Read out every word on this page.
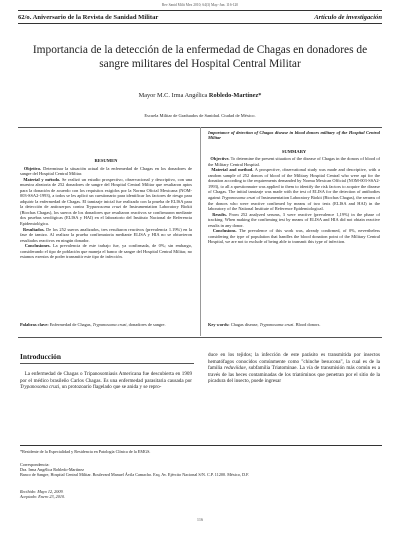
Rev Sanid Milit Mex 2010; 64(3) May.-Jun. 116-120
62/o. Aniversario de la Revista de Sanidad Militar	Artículo de investigación
Importancia de la detección de la enfermedad de Chagas en donadores de sangre militares del Hospital Central Militar
Mayor M.C. Irma Angélica Robledo-Martínez*
Escuela Militar de Graduados de Sanidad. Ciudad de México.
RESUMEN

Objetivo. Determinar la situación actual de la enfermedad de Chagas en los donadores de sangre del Hospital Central Militar.

Material y método. Se realizó un estudio prospectivo, observacional y descriptivo, con una muestra aleatoria de 252 donadores de sangre del Hospital Central Militar que resultaron aptos para la donación de acuerdo con los requisitos exigidos por la Norma Oficial Mexicana (NOM-003-SSA2-1993), a todos se les aplicó un cuestionario para identificar los factores de riesgo para adquirir la enfermedad de Chagas. El tamizaje inicial fue realizado con la prueba de ELISA para la detección de anticuerpos contra Trypanosoma cruzi de Instrumentation Laboratory Biokit (Biochas Chagas), los sueros de los donadores que resultaron reactivos se confirmaron mediante dos pruebas serológicas (ELISA y HAI) en el laboratorio del Instituto Nacional de Referencia Epidemiológica.

Resultados. De los 252 sueros analizados, tres resultaron reactivos (prevalencia 1.19%) en la fase de tamizo. Al realizar la prueba confirmatoria mediante ELISA y HIA no se obtuvieron resultados reactivos en ningún donador.

Conclusiones. La prevalencia de este trabajo fue, ya confirmada, de 0%; sin embargo, considerando el tipo de población que maneja el banco de sangre del Hospital Central Militar, no estamos exentos de poder transmitir este tipo de infección.

Palabras clave: Enfermedad de Chagas, Trypanosoma cruzi, donadores de sangre.
Importance of detection of Chagas disease in blood donors military of the Hospital Central Militar
SUMMARY

Objective. To determine the present situation of the disease of Chagas in the donors of blood of the Military Central Hospital.

Material and method. A prospective, observational study was made and descriptive, with a random sample of 252 donors of blood of the Military Hospital Central who were apt for the donation according to the requirements demanded by Norma Mexican Official (NOM-003-SSA2-1993), to all a questionnaire was applied to them to identify the risk factors to acquire the disease of Chagas. The initial tamizaje was made with the test of ELISA for the detection of antibodies against Trypanosoma cruzi of Instrumentation Laboratory Biokit (Biochas Chagas), the serums of the donors who were reactive confirmed by means of two tests (ELISA and HAI) in the laboratory of the National Institute of Reference Epidemiological.

Results. From 252 analyzed serums, 3 were reactive (prevalence 1,19%) in the phase of tracking. When making the confirming test by means of ELISA and HIA did not obtain reactive results in any donor.

Conclusions. The prevalence of this work was, already confirmed, of 0%, nevertheless considering the type of population that handles the blood donation point of the Military Central Hospital, we are not to exclude of being able to transmit this type of infection.

Key words: Chagas disease, Trypanosoma cruzi. Blood donors.
Introducción

La enfermedad de Chagas o Tripanosomiasis Americana fue descubierta en 1909 por el médico brasileño Carlos Chagas. Es una enfermedad parasitaria causada por Trypanosoma cruzi, un protozoario flagelado que se anida y se repro-

duce en los tejidos; la infección de este parásito es transmitida por insectos hematófagos conocidos comúnmente como "chinche besucona", la cual es de la familia reduviidae, subfamilia Triatominae. La vía de transmisión más común es a través de las heces contaminadas de los triatóminos que penetran por el sitio de la picadura del insecto, puede ingresar

*Residente de la Especialidad y Residencia en Patología Clínica de la EMGS.
Correspondencia:
Dra. Irma Angélica Robledo-Martínez
Banco de Sangre, Hospital Central Militar. Boulevard Manuel Ávila Camacho. Esq. Av. Ejército Nacional S/N. C.P. 11200. México, D.F.
Recibido: Mayo 12, 2009.
Aceptado: Enero 23, 2010.
116
